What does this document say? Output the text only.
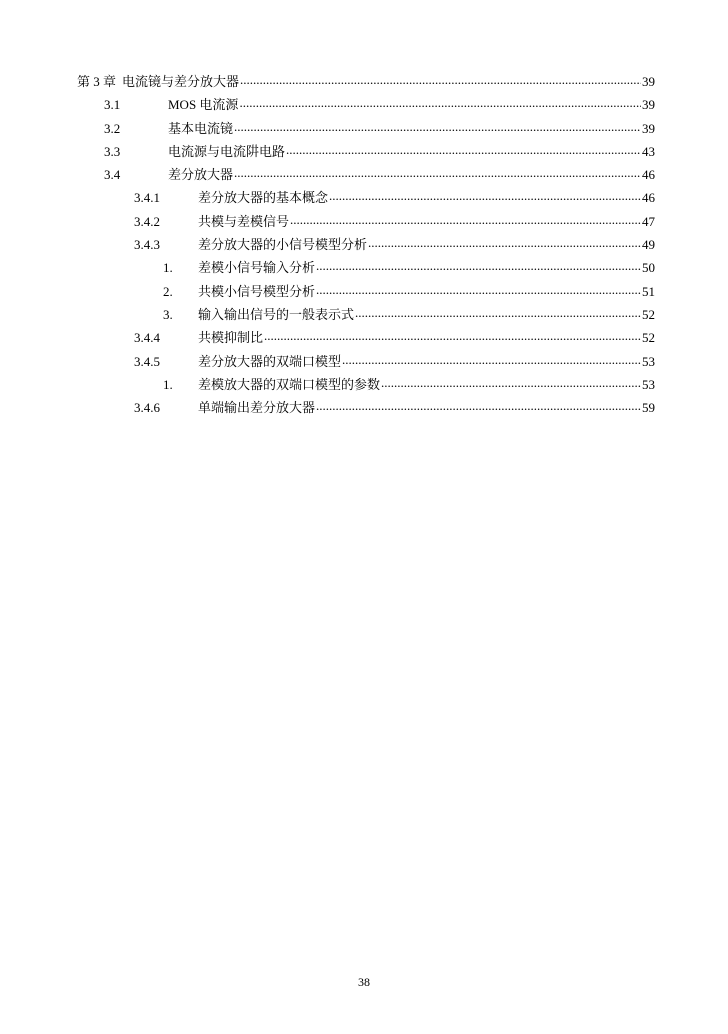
第 3 章 电流镜与差分放大器 .....	39
3.1	MOS 电流源 .....	39
3.2	基本电流镜 .....	39
3.3	电流源与电流阱电路 .....	43
3.4	差分放大器 .....	46
3.4.1	差分放大器的基本概念 .....	46
3.4.2	共模与差模信号 .....	47
3.4.3	差分放大器的小信号模型分析 .....	49
1.	差模小信号输入分析 .....	50
2.	共模小信号模型分析 .....	51
3.	输入输出信号的一般表示式 .....	52
3.4.4	共模抑制比 .....	52
3.4.5	差分放大器的双端口模型 .....	53
1.	差模放大器的双端口模型的参数 .....	53
3.4.6	单端输出差分放大器 .....	59
38
